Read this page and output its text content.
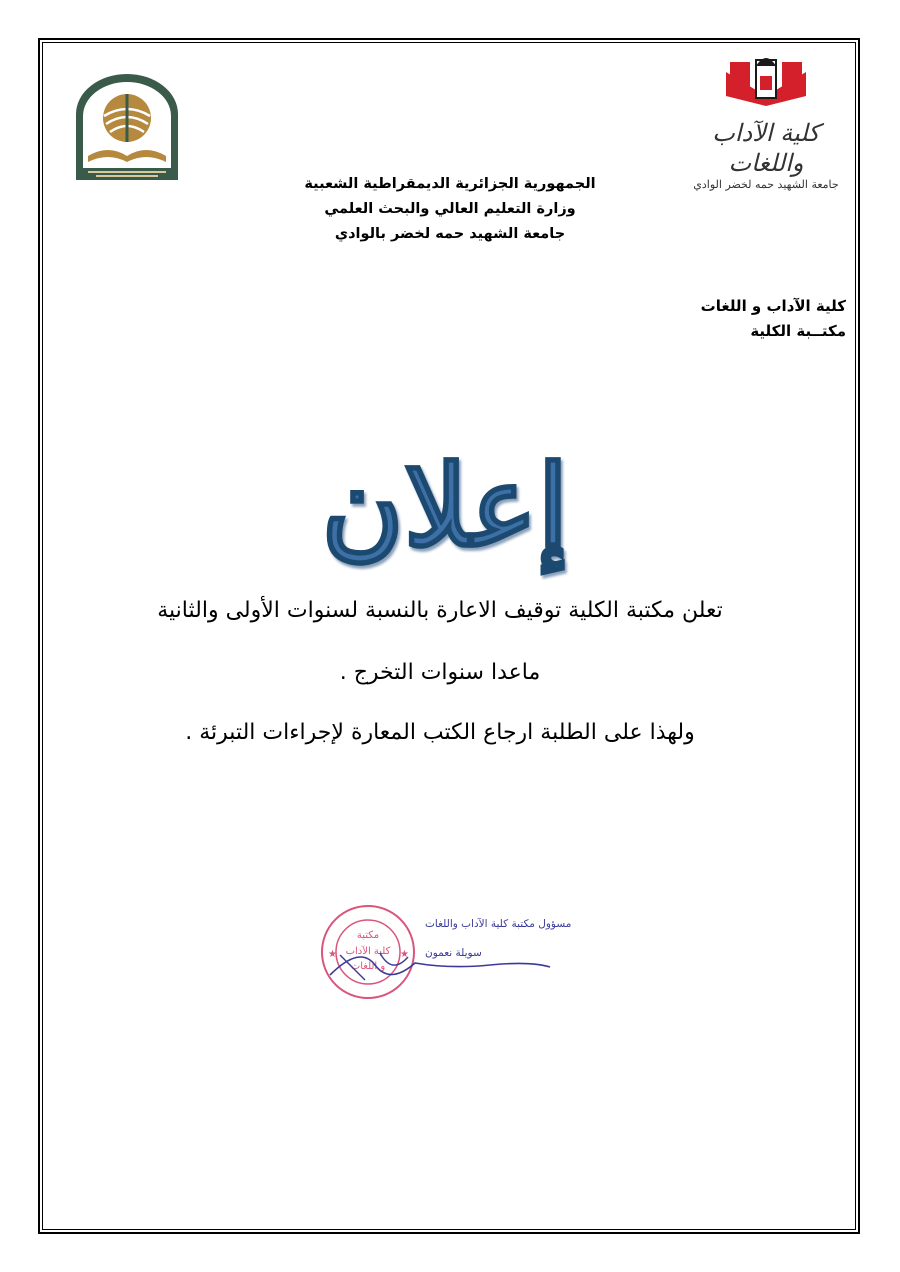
كلية الآداب واللغات
جامعة الشهيد حمه لخضر الوادي
الجمهورية الجزائرية الديمقراطية الشعبية
وزارة التعليم العالي والبحث العلمي
جامعة الشهيد حمه لخضر بالوادي
كلية الآداب و اللغات
مكتــبة الكلية
إعلان
تعلن مكتبة الكلية توقيف الاعارة بالنسبة لسنوات الأولى والثانية
ماعدا سنوات التخرج .
ولهذا على الطلبة ارجاع الكتب المعارة لإجراءات التبرئة .
مكتبة
كلية الآداب
و اللغات
★	★
مسؤول مكتبة كلية الآداب واللغات
سويلة نعمون
